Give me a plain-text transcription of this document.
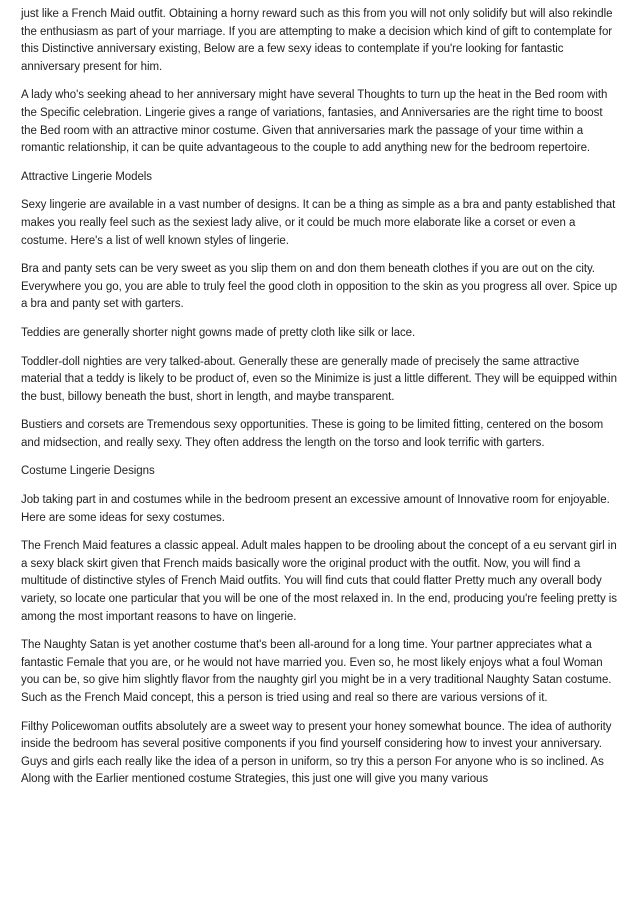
just like a French Maid outfit. Obtaining a horny reward such as this from you will not only solidify but will also rekindle the enthusiasm as part of your marriage. If you are attempting to make a decision which kind of gift to contemplate for this Distinctive anniversary existing, Below are a few sexy ideas to contemplate if you're looking for fantastic anniversary present for him.

A lady who's seeking ahead to her anniversary might have several Thoughts to turn up the heat in the Bed room with the Specific celebration. Lingerie gives a range of variations, fantasies, and Anniversaries are the right time to boost the Bed room with an attractive minor costume. Given that anniversaries mark the passage of your time within a romantic relationship, it can be quite advantageous to the couple to add anything new for the bedroom repertoire.

Attractive Lingerie Models

Sexy lingerie are available in a vast number of designs. It can be a thing as simple as a bra and panty established that makes you really feel such as the sexiest lady alive, or it could be much more elaborate like a corset or even a costume. Here's a list of well known styles of lingerie.

Bra and panty sets can be very sweet as you slip them on and don them beneath clothes if you are out on the city. Everywhere you go, you are able to truly feel the good cloth in opposition to the skin as you progress all over. Spice up a bra and panty set with garters.

Teddies are generally shorter night gowns made of pretty cloth like silk or lace.

Toddler-doll nighties are very talked-about. Generally these are generally made of precisely the same attractive material that a teddy is likely to be product of, even so the Minimize is just a little different. They will be equipped within the bust, billowy beneath the bust, short in length, and maybe transparent.

Bustiers and corsets are Tremendous sexy opportunities. These is going to be limited fitting, centered on the bosom and midsection, and really sexy. They often address the length on the torso and look terrific with garters.

Costume Lingerie Designs

Job taking part in and costumes while in the bedroom present an excessive amount of Innovative room for enjoyable. Here are some ideas for sexy costumes.

The French Maid features a classic appeal. Adult males happen to be drooling about the concept of a eu servant girl in a sexy black skirt given that French maids basically wore the original product with the outfit. Now, you will find a multitude of distinctive styles of French Maid outfits. You will find cuts that could flatter Pretty much any overall body variety, so locate one particular that you will be one of the most relaxed in. In the end, producing you're feeling pretty is among the most important reasons to have on lingerie.

The Naughty Satan is yet another costume that's been all-around for a long time. Your partner appreciates what a fantastic Female that you are, or he would not have married you. Even so, he most likely enjoys what a foul Woman you can be, so give him slightly flavor from the naughty girl you might be in a very traditional Naughty Satan costume. Such as the French Maid concept, this a person is tried using and real so there are various versions of it.

Filthy Policewoman outfits absolutely are a sweet way to present your honey somewhat bounce. The idea of authority inside the bedroom has several positive components if you find yourself considering how to invest your anniversary. Guys and girls each really like the idea of a person in uniform, so try this a person For anyone who is so inclined. As Along with the Earlier mentioned costume Strategies, this just one will give you many various
